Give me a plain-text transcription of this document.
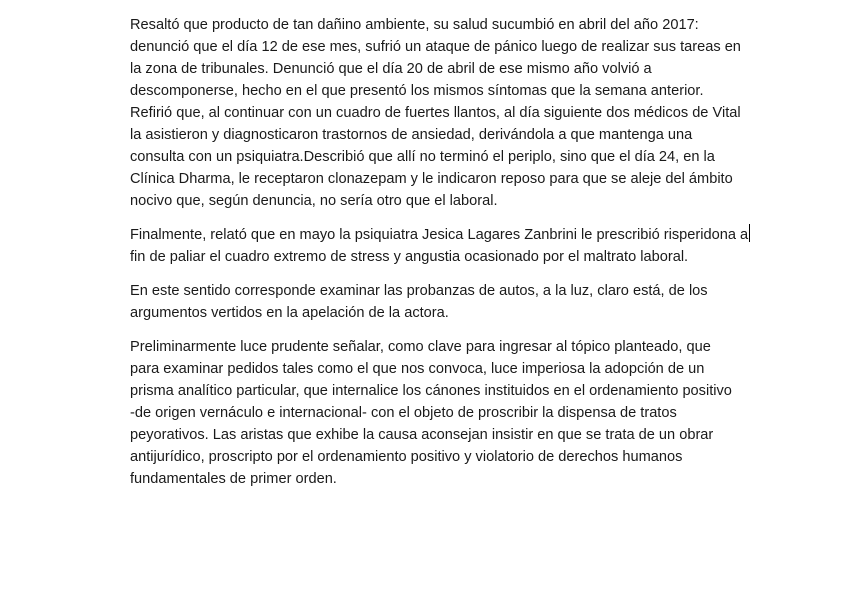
Resaltó que producto de tan dañino ambiente, su salud sucumbió en abril del año 2017:
denunció que el día 12 de ese mes, sufrió un ataque de pánico luego de realizar sus tareas en
la zona de tribunales. Denunció que el día 20 de abril de ese mismo año volvió a
descomponerse, hecho en el que presentó los mismos síntomas que la semana anterior.
Refirió que, al continuar con un cuadro de fuertes llantos, al día siguiente dos médicos de Vital
la asistieron y diagnosticaron trastornos de ansiedad, derivándola a que mantenga una
consulta con un psiquiatra.Describió que allí no terminó el periplo, sino que el día 24, en la
Clínica Dharma, le receptaron clonazepam y le indicaron reposo para que se aleje del ámbito
nocivo que, según denuncia, no sería otro que el laboral.

Finalmente, relató que en mayo la psiquiatra Jesica Lagares Zanbrini le prescribió risperidona a
fin de paliar el cuadro extremo de stress y angustia ocasionado por el maltrato laboral.

En este sentido corresponde examinar las probanzas de autos, a la luz, claro está, de los
argumentos vertidos en la apelación de la actora.

Preliminarmente luce prudente señalar, como clave para ingresar al tópico planteado, que
para examinar pedidos tales como el que nos convoca, luce imperiosa la adopción de un
prisma analítico particular, que internalice los cánones instituidos en el ordenamiento positivo
-de origen vernáculo e internacional- con el objeto de proscribir la dispensa de tratos
peyorativos. Las aristas que exhibe la causa aconsejan insistir en que se trata de un obrar
antijurídico, proscripto por el ordenamiento positivo y violatorio de derechos humanos
fundamentales de primer orden.
